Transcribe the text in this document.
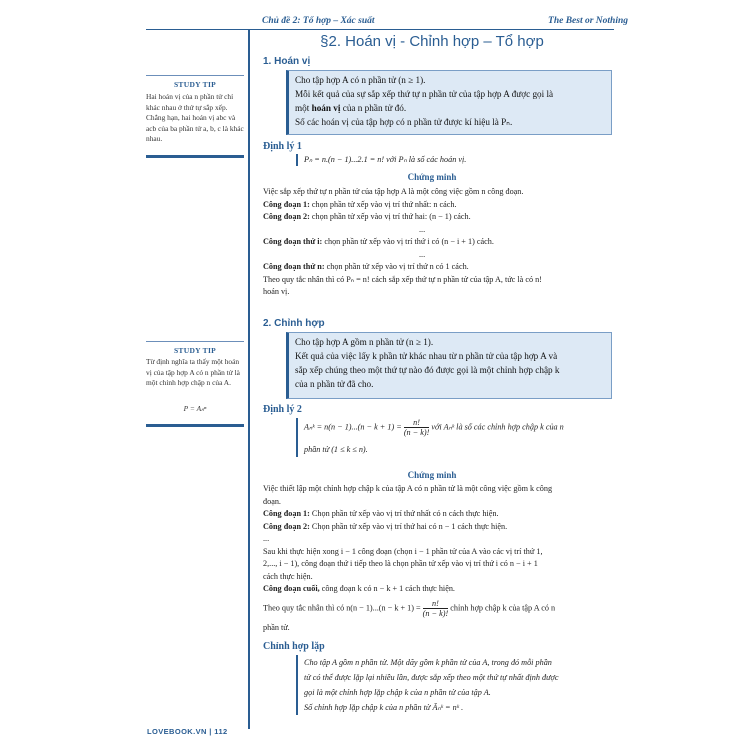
Chủ đề 2: Tổ hợp – Xác suất	The Best or Nothing
§2. Hoán vị - Chỉnh hợp – Tổ hợp
1. Hoán vị

Cho tập hợp A có n phần tử (n ≥ 1).

Mỗi kết quả của sự sắp xếp thứ tự n phần tử của tập hợp A được gọi là

một hoán vị của n phần tử đó.

Số các hoán vị của tập hợp có n phần tử được kí hiệu là Pₙ.

STUDY TIP
Hai hoán vị của n phần tử chỉ khác nhau ở thứ tự sắp xếp. Chẳng hạn, hai hoán vị abc và acb của ba phần tử a, b, c là khác nhau.
Định lý 1
Pₙ = n.(n − 1)...2.1 = n! với Pₙ là số các hoán vị.
Chứng minh
Việc sắp xếp thứ tự n phần tử của tập hợp A là một công việc gồm n công đoạn.
Công đoạn 1: chọn phần tử xếp vào vị trí thứ nhất: n cách.
Công đoạn 2: chọn phần tử xếp vào vị trí thứ hai: (n − 1) cách.
...
Công đoạn thứ i: chọn phần tử xếp vào vị trí thứ i có (n − i + 1) cách.
...
Công đoạn thứ n: chọn phần tử xếp vào vị trí thứ n có 1 cách.
Theo quy tắc nhân thì có Pₙ = n! cách sắp xếp thứ tự n phần tử của tập A, tức là có n!
hoán vị.
2. Chỉnh hợp

Cho tập hợp A gồm n phần tử (n ≥ 1).

Kết quả của việc lấy k phần tử khác nhau từ n phần tử của tập hợp A và

sắp xếp chúng theo một thứ tự nào đó được gọi là một chỉnh hợp chập k

của n phần tử đã cho.

STUDY TIP
Từ định nghĩa ta thấy một hoán vị của tập hợp A có n phần tử là một chỉnh hợp chập n của A.
P = Aₙⁿ	Định lý 2
Aₙᵏ = $n(n - 1)...(n - k + 1) = \frac{n!}{(n - k)!}$ với Aₙᵏ là số các chỉnh hợp chập k của n
phần tử (1 ≤ k ≤ n).
Chứng minh
Việc thiết lập một chỉnh hợp chập k của tập A có n phần tử là một công việc gồm k công
đoạn.
Công đoạn 1: Chọn phần tử xếp vào vị trí thứ nhất có n cách thực hiện.
Công đoạn 2: Chọn phần tử xếp vào vị trí thứ hai có n − 1 cách thực hiện.
...
Sau khi thực hiện xong i − 1 công đoạn (chọn i − 1 phần tử của A vào các vị trí thứ 1,
2,..., i − 1), công đoạn thứ i tiếp theo là chọn phần tử xếp vào vị trí thứ i có n − i + 1
cách thực hiện.
Công đoạn cuối, công đoạn k có n − k + 1 cách thực hiện.
Theo quy tắc nhân thì có $n(n - 1)...(n - k + 1) = \frac{n!}{(n - k)!}$ chỉnh hợp chập k của tập A có n
phần tử.
Chỉnh hợp lặp
Cho tập A gồm n phần tử. Một dãy gồm k phần tử của A, trong đó mỗi phần
tử có thể được lặp lại nhiều lần, được sắp xếp theo một thứ tự nhất định được
gọi là một chỉnh hợp lặp chập k của n phần tử của tập A.
Số chỉnh hợp lặp chập k của n phần tử Āₙᵏ = nᵏ .
LOVEBOOK.VN | 112
